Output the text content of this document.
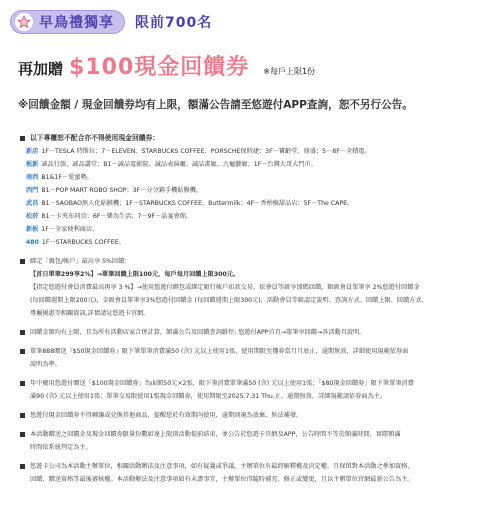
早鳥禮獨享 限前700名
再加贈 $100現金回饋券 ※每戶上限1份
※回饋金額 / 現金回饋券均有上限，額滿公告請至悠遊付APP查詢，恕不另行公告。
以下專櫃恕不配合亦不得使用現金回饋券：
新店 1F－TESLA 特斯拉；7－ELEVEN、STARBUCKS COFFEE、PORSCHE保時捷；3F－寶齡堂、鼎盛；5－8F－全積電。
板新 誠品行旅、誠品講堂；B1－誠品電影院、誠品表演廳、誠品畫廊、九龜藝廊；1F－台灣大哥大門市。
南西 B1&1F－愛蜜勢。
西門 B1－POP MART ROBO SHOP；3F－分分鐘手機貼膜機。
武昌 B1－SAOBAO無人化貼膜機；1F－STARBUCKS COFFEE、Buttermilk；4F－香柏樹甜品店；5F－The CAPE。
松菸 B1－卡夾布同鳥；6F－樂為生活；7－9F－晶宴會館。
新板 1F－全家便利商店。
480 1F－STARBUCKS COFFEE。
綁定「親包/帳戶」最高享 5%回饋：
【首日單筆299享2%】→單筆回饋上限100元，每戶每月回饋上限300元。
【指定悠遊付會員消費最高再享 3 %】→使用悠遊付綁包或綁定銀行帳戶扣款交易，依會員等級享加碼回饋，銀級會員單筆享 2%悠遊付回饋金
(每回饋週期上限200元)，金級會員單筆享3%悠遊付回饋金 (每回饋週期上限300元)，活動會員等級認定說明、查詢方式、回饋上限、回饋方式、
專屬優惠等相關資訊,詳情請見悠遊卡官網。
回饋金額均有上限，且為所有活動店家合併計算，額滿公告及回饋查詢路徑: 悠遊付APP首頁→單筆享回饋→各活動頁說明。
單筆888贈送『$50現金回饋券』限下筆單筆消費滿50 (含) 元以上使用1張，使用期限至獲券當月月底止，逾期無效，詳細使用規範依券面
說明為準。
年中慶用悠遊付贈送「$100現金回饋券」為面額50元×2張，限下筆消費單筆滿50 (含) 元以上使用1張；「$80現金回饋券」限下筆單筆消費
滿90 (含) 元以上使用1張；單筆交易限使用1張現金回饋券，使用期限至2025.7.31 Thu.止，逾期無效，詳細規範請依券面為主。
悠遊付現金回饋券不得轉讓或兌換其他商品，提醒您於有效期內使用，逾期則視為放棄，無法補發。
本活動贈送之回饋金及現金回饋券限量份數如達上限則活動提前結束，並公告於悠遊卡官網及APP，公告時間不等於額滿時間，實際額滿
時間依系統判定為主。
悠遊卡公司為本活動主辦單位，相關活動辦法及注意事項，如有疑義或爭議，主辦單位有最終解釋權及決定權，且保留對本活動之參加資格、
回饋、贈送資格等最後審核權。本活動辦法及注意事項如有未盡事宜，主辦單位得隨時補充、修正或變更，且以主辦單位官網最新公告為主。
